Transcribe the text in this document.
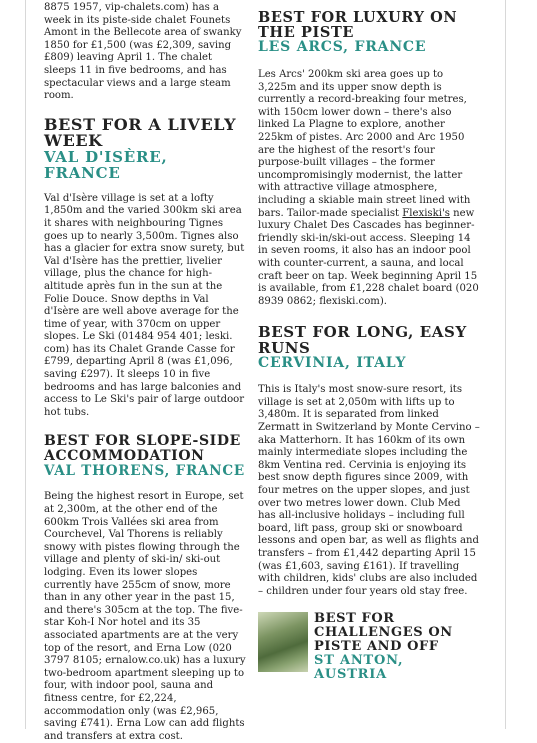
8875 1957, vip-chalets.com) has a week in its piste-side chalet Founets Amont in the Bellecote area of swanky 1850 for £1,500 (was £2,309, saving £809) leaving April 1. The chalet sleeps 11 in five bedrooms, and has spectacular views and a large steam room.

BEST FOR A LIVELY WEEK
VAL D'ISÈRE, FRANCE

Val d'Isère village is set at a lofty 1,850m and the varied 300km ski area it shares with neighbouring Tignes goes up to nearly 3,500m. Tignes also has a glacier for extra snow surety, but Val d'Isère has the prettier, livelier village, plus the chance for high-altitude après fun in the sun at the Folie Douce. Snow depths in Val d'Isère are well above average for the time of year, with 370cm on upper slopes. Le Ski (01484 954 401; leski. com) has its Chalet Grande Casse for £799, departing April 8 (was £1,096, saving £297). It sleeps 10 in five bedrooms and has large balconies and access to Le Ski's pair of large outdoor hot tubs.

BEST FOR SLOPE-SIDE ACCOMMODATION
VAL THORENS, FRANCE

Being the highest resort in Europe, set at 2,300m, at the other end of the 600km Trois Vallées ski area from Courchevel, Val Thorens is reliably snowy with pistes flowing through the village and plenty of ski-in/ ski-out lodging. Even its lower slopes currently have 255cm of snow, more than in any other year in the past 15, and there's 305cm at the top. The five-star Koh-I Nor hotel and its 35 associated apartments are at the very top of the resort, and Erna Low (020 3797 8105; ernalow.co.uk) has a luxury two-bedroom apartment sleeping up to four, with indoor pool, sauna and fitness centre, for £2,224, accommodation only (was £2,965, saving £741). Erna Low can add flights and transfers at extra cost.

BEST FOR LUXURY ON THE PISTE
LES ARCS, FRANCE

Les Arcs' 200km ski area goes up to 3,225m and its upper snow depth is currently a record-breaking four metres, with 150cm lower down – there's also linked La Plagne to explore, another 225km of pistes. Arc 2000 and Arc 1950 are the highest of the resort's four purpose-built villages – the former uncompromisingly modernist, the latter with attractive village atmosphere, including a skiable main street lined with bars. Tailor-made specialist Flexiski's new luxury Chalet Des Cascades has beginner-friendly ski-in/ski-out access. Sleeping 14 in seven rooms, it also has an indoor pool with counter-current, a sauna, and local craft beer on tap. Week beginning April 15 is available, from £1,228 chalet board (020 8939 0862; flexiski.com).

BEST FOR LONG, EASY RUNS
CERVINIA, ITALY

This is Italy's most snow-sure resort, its village is set at 2,050m with lifts up to 3,480m. It is separated from linked Zermatt in Switzerland by Monte Cervino – aka Matterhorn. It has 160km of its own mainly intermediate slopes including the 8km Ventina red. Cervinia is enjoying its best snow depth figures since 2009, with four metres on the upper slopes, and just over two metres lower down. Club Med has all-inclusive holidays – including full board, lift pass, group ski or snowboard lessons and open bar, as well as flights and transfers – from £1,442 departing April 15 (was £1,603, saving £161). If travelling with children, kids' clubs are also included – children under four years old stay free.

BEST FOR CHALLENGES ON PISTE AND OFF
ST ANTON, AUSTRIA
